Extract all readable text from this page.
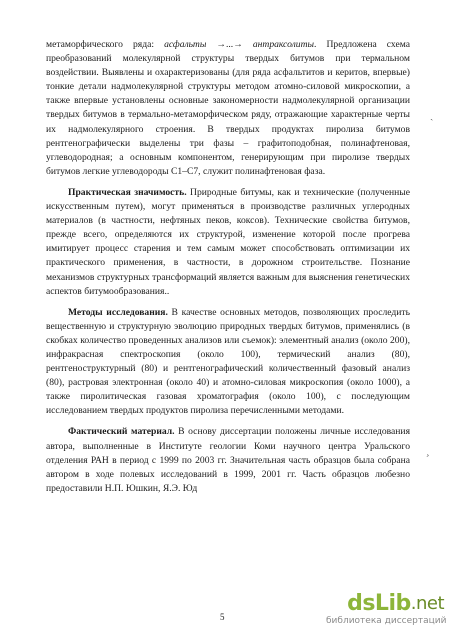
метаморфического ряда: асфальты →...→ антраксолиты. Предложена схема преобразований молекулярной структуры твердых битумов при термальном воздействии. Выявлены и охарактеризованы (для ряда асфальтитов и керитов, впервые) тонкие детали надмолекулярной структуры методом атомно-силовой микроскопии, а также впервые установлены основные закономерности надмолекулярной организации твердых битумов в термально-метаморфическом ряду, отражающие характерные черты их надмолекулярного строения. В твердых продуктах пиролиза битумов рентгенографически выделены три фазы – графитоподобная, полинафтеновая, углеводородная; а основным компонентом, генерирующим при пиролизе твердых битумов легкие углеводороды С1–С7, служит полинафтеновая фаза.

Практическая значимость. Природные битумы, как и технические (полученные искусственным путем), могут применяться в производстве различных углеродных материалов (в частности, нефтяных пеков, коксов). Технические свойства битумов, прежде всего, определяются их структурой, изменение которой после прогрева имитирует процесс старения и тем самым может способствовать оптимизации их практического применения, в частности, в дорожном строительстве. Познание механизмов структурных трансформаций является важным для выяснения генетических аспектов битумообразования..

Методы исследования. В качестве основных методов, позволяющих проследить вещественную и структурную эволюцию природных твердых битумов, применялись (в скобках количество проведенных анализов или съемок): элементный анализ (около 200), инфракрасная спектроскопия (около 100), термический анализ (80), рентгеноструктурный (80) и рентгенографический количественный фазовый анализ (80), растровая электронная (около 40) и атомно-силовая микроскопия (около 1000), а также пиролитическая газовая хроматография (около 100), с последующим исследованием твердых продуктов пиролиза перечисленными методами.

Фактический материал. В основу диссертации положены личные исследования автора, выполненные в Институте геологии Коми научного центра Уральского отделения РАН в период с 1999 по 2003 гг. Значительная часть образцов была собрана автором в ходе полевых исследований в 1999, 2001 гг. Часть образцов любезно предоставили Н.П. Юшкин, Я.Э. Юд

ˎ
¸
5
ds Lib .net
библиотека диссертаций
